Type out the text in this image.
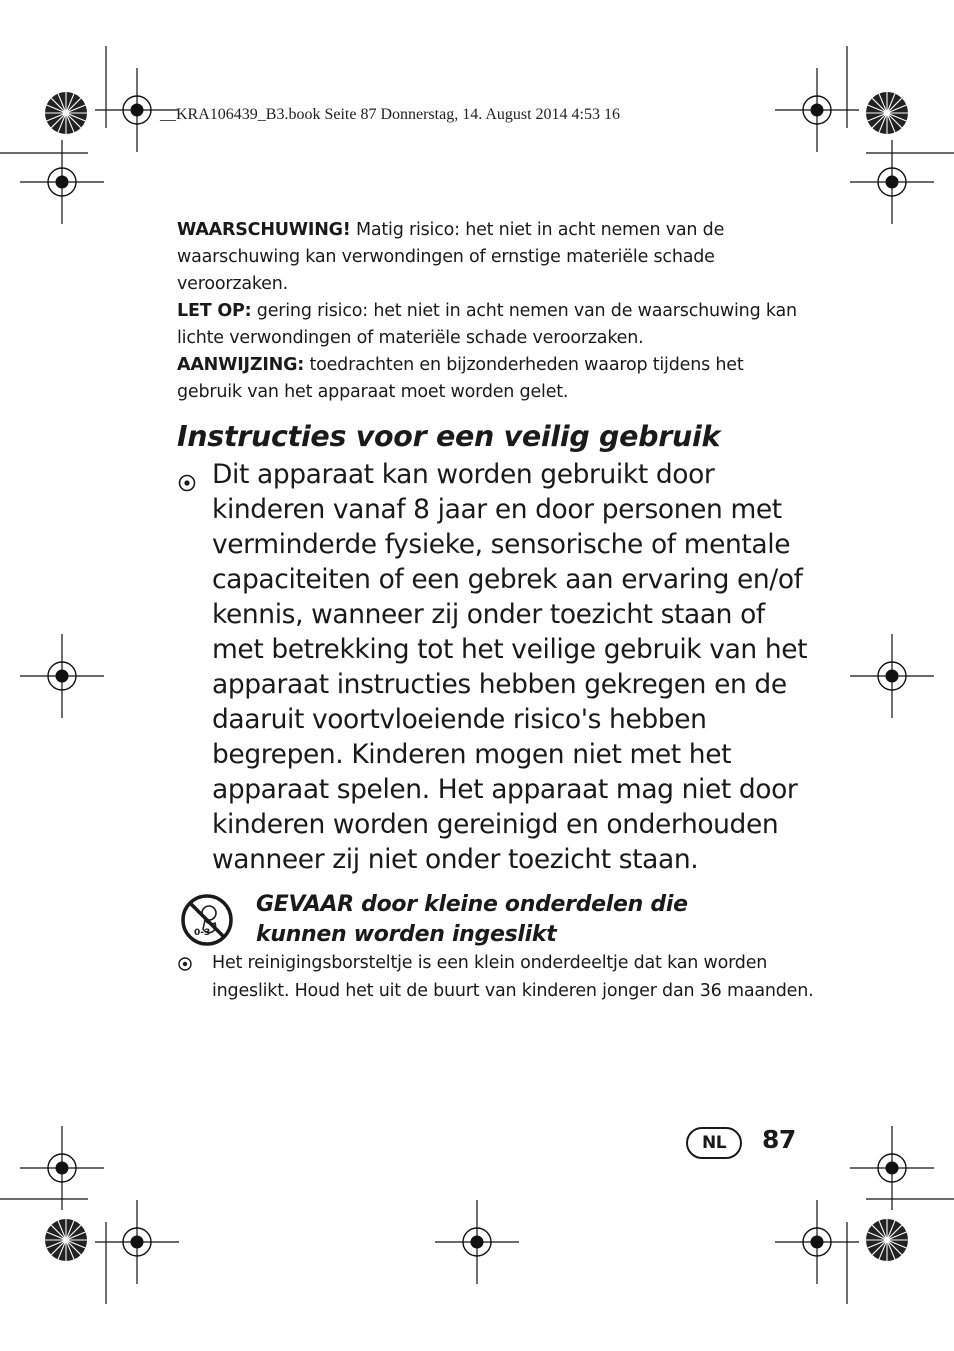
__KRA106439_B3.book Seite 87 Donnerstag, 14. August 2014 4:53 16

WAARSCHUWING! Matig risico: het niet in acht nemen van de waarschuwing kan verwondingen of ernstige materiële schade veroorzaken.

LET OP: gering risico: het niet in acht nemen van de waarschuwing kan lichte verwondingen of materiële schade veroorzaken.

AANWIJZING: toedrachten en bijzonderheden waarop tijdens het gebruik van het apparaat moet worden gelet.

Instructies voor een veilig gebruik
Dit apparaat kan worden gebruikt door kinderen vanaf 8 jaar en door personen met verminderde fysieke, sensorische of mentale capaciteiten of een gebrek aan ervaring en/of kennis, wanneer zij onder toezicht staan of met betrekking tot het veilige gebruik van het apparaat instructies hebben gekregen en de daaruit voortvloeiende risico's hebben begrepen. Kinderen mogen niet met het apparaat spelen. Het apparaat mag niet door kinderen worden gereinigd en onderhouden wanneer zij niet onder toezicht staan.
0-3
GEVAAR door kleine onderdelen die
kunnen worden ingeslikt
Het reinigingsborsteltje is een klein onderdeeltje dat kan worden ingeslikt. Houd het uit de buurt van kinderen jonger dan 36 maanden.
NL	87
